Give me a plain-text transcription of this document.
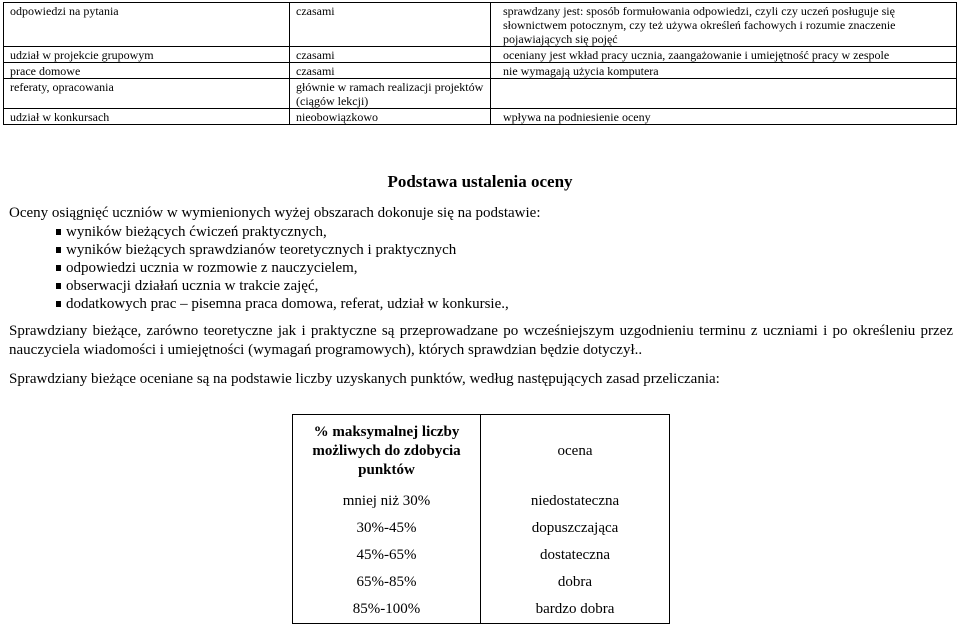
odpowiedzi na pytania	czasami	sprawdzany jest: sposób formułowania odpowiedzi, czyli czy uczeń posługuje się słownictwem potocznym, czy też używa określeń fachowych i rozumie znaczenie pojawiających się pojęć
udział w projekcie grupowym	czasami	oceniany jest wkład pracy ucznia, zaangażowanie i umiejętność pracy w zespole
prace domowe	czasami	nie wymagają użycia komputera
referaty, opracowania	głównie w ramach realizacji projektów (ciągów lekcji)	
udział w konkursach	nieobowiązkowo	wpływa na podniesienie oceny
Podstawa ustalenia oceny
Oceny osiągnięć uczniów w wymienionych wyżej obszarach dokonuje się na podstawie:
wyników bieżących ćwiczeń praktycznych,
wyników bieżących sprawdzianów teoretycznych i praktycznych
odpowiedzi ucznia w rozmowie z nauczycielem,
obserwacji działań ucznia w trakcie zajęć,
dodatkowych prac – pisemna praca domowa, referat, udział w konkursie.,
Sprawdziany bieżące, zarówno teoretyczne jak i praktyczne są przeprowadzane po wcześniejszym uzgodnieniu terminu z uczniami i po określeniu przez nauczyciela wiadomości i umiejętności (wymagań programowych), których sprawdzian będzie dotyczył..
Sprawdziany bieżące oceniane są na podstawie liczby uzyskanych punktów, według następujących zasad przeliczania:
% maksymalnej liczby możliwych do zdobycia punktów	ocena
mniej niż 30%	niedostateczna
30%-45%	dopuszczająca
45%-65%	dostateczna
65%-85%	dobra
85%-100%	bardzo dobra
